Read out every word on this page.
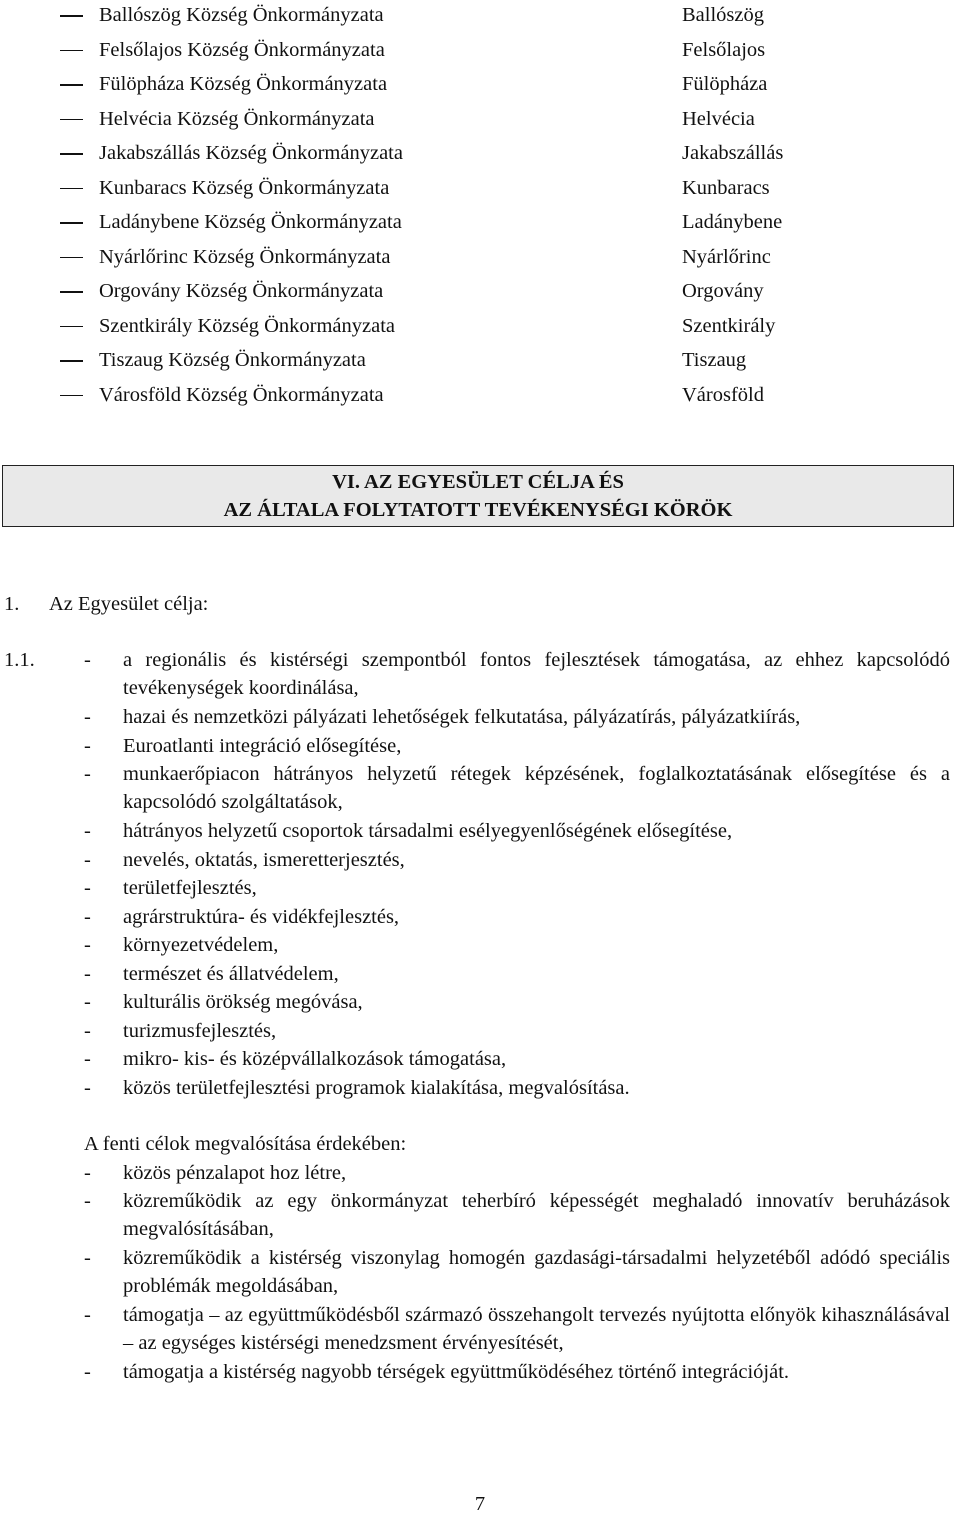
Ballószög Község Önkormányzata	Ballószög
Felsőlajos Község Önkormányzata	Felsőlajos
Fülöpháza Község Önkormányzata	Fülöpháza
Helvécia Község Önkormányzata	Helvécia
Jakabszállás Község Önkormányzata	Jakabszállás
Kunbaracs Község Önkormányzata	Kunbaracs
Ladánybene Község Önkormányzata	Ladánybene
Nyárlőrinc Község Önkormányzata	Nyárlőrinc
Orgovány Község Önkormányzata	Orgovány
Szentkirály Község Önkormányzata	Szentkirály
Tiszaug Község Önkormányzata	Tiszaug
Városföld Község Önkormányzata	Városföld
VI. AZ EGYESÜLET CÉLJA ÉS
AZ ÁLTALA FOLYTATOTT TEVÉKENYSÉGI KÖRÖK
1. Az Egyesület célja:
1.1. - a regionális és kistérségi szempontból fontos fejlesztések támogatása, az ehhez kapcsolódó tevékenységek koordinálása,
- hazai és nemzetközi pályázati lehetőségek felkutatása, pályázatírás, pályázatkiírás,
- Euroatlanti integráció elősegítése,
- munkaerőpiacon hátrányos helyzetű rétegek képzésének, foglalkoztatásának elősegítése és a kapcsolódó szolgáltatások,
- hátrányos helyzetű csoportok társadalmi esélyegyenlőségének elősegítése,
- nevelés, oktatás, ismeretterjesztés,
- területfejlesztés,
- agrárstruktúra- és vidékfejlesztés,
- környezetvédelem,
- természet és állatvédelem,
- kulturális örökség megóvása,
- turizmusfejlesztés,
- mikro- kis- és középvállalkozások támogatása,
- közös területfejlesztési programok kialakítása, megvalósítása.
A fenti célok megvalósítása érdekében:
- közös pénzalapot hoz létre,
- közreműködik az egy önkormányzat teherbíró képességét meghaladó innovatív beruházások megvalósításában,
- közreműködik a kistérség viszonylag homogén gazdasági-társadalmi helyzetéből adódó speciális problémák megoldásában,
- támogatja – az együttműködésből származó összehangolt tervezés nyújtotta előnyök kihasználásával – az egységes kistérségi menedzsment érvényesítését,
- támogatja a kistérség nagyobb térségek együttműködéséhez történő integrációját.
7
